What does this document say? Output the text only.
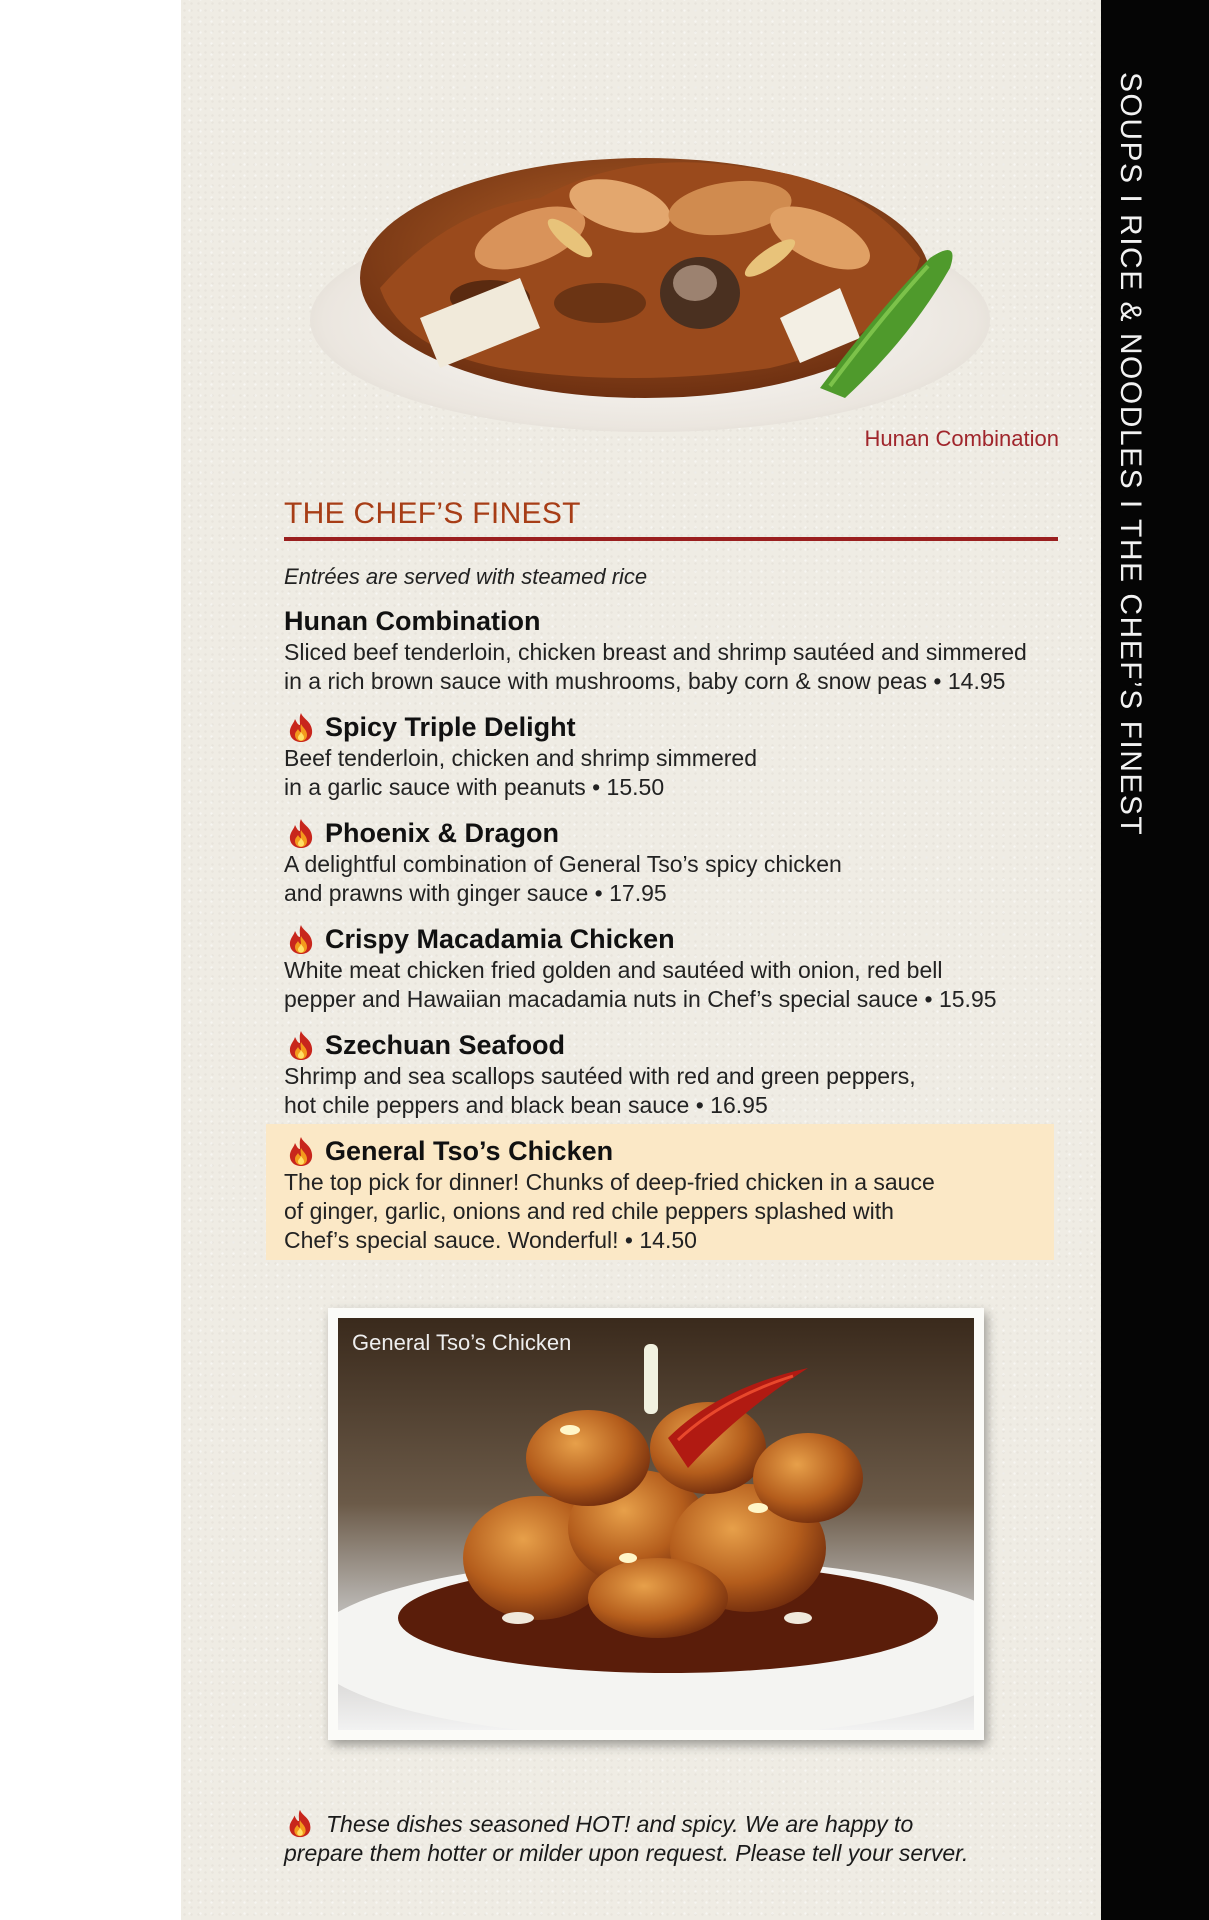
SOUPS I RICE & NOODLES I THE CHEF’S FINEST
Hunan Combination
THE CHEF’S FINEST
Entrées are served with steamed rice
Hunan Combination
Sliced beef tenderloin, chicken breast and shrimp sautéed and simmered
in a rich brown sauce with mushrooms, baby corn & snow peas • 14.95
Spicy Triple Delight
Beef tenderloin, chicken and shrimp simmered
in a garlic sauce with peanuts • 15.50
Phoenix & Dragon
A delightful combination of General Tso’s spicy chicken
and prawns with ginger sauce • 17.95
Crispy Macadamia Chicken
White meat chicken fried golden and sautéed with onion, red bell
pepper and Hawaiian macadamia nuts in Chef’s special sauce • 15.95
Szechuan Seafood
Shrimp and sea scallops sautéed with red and green peppers,
hot chile peppers and black bean sauce • 16.95
General Tso’s Chicken
The top pick for dinner! Chunks of deep-fried chicken in a sauce
of ginger, garlic, onions and red chile peppers splashed with
Chef’s special sauce. Wonderful! • 14.50
General Tso’s Chicken
These dishes seasoned HOT! and spicy. We are happy to
prepare them hotter or milder upon request. Please tell your server.
